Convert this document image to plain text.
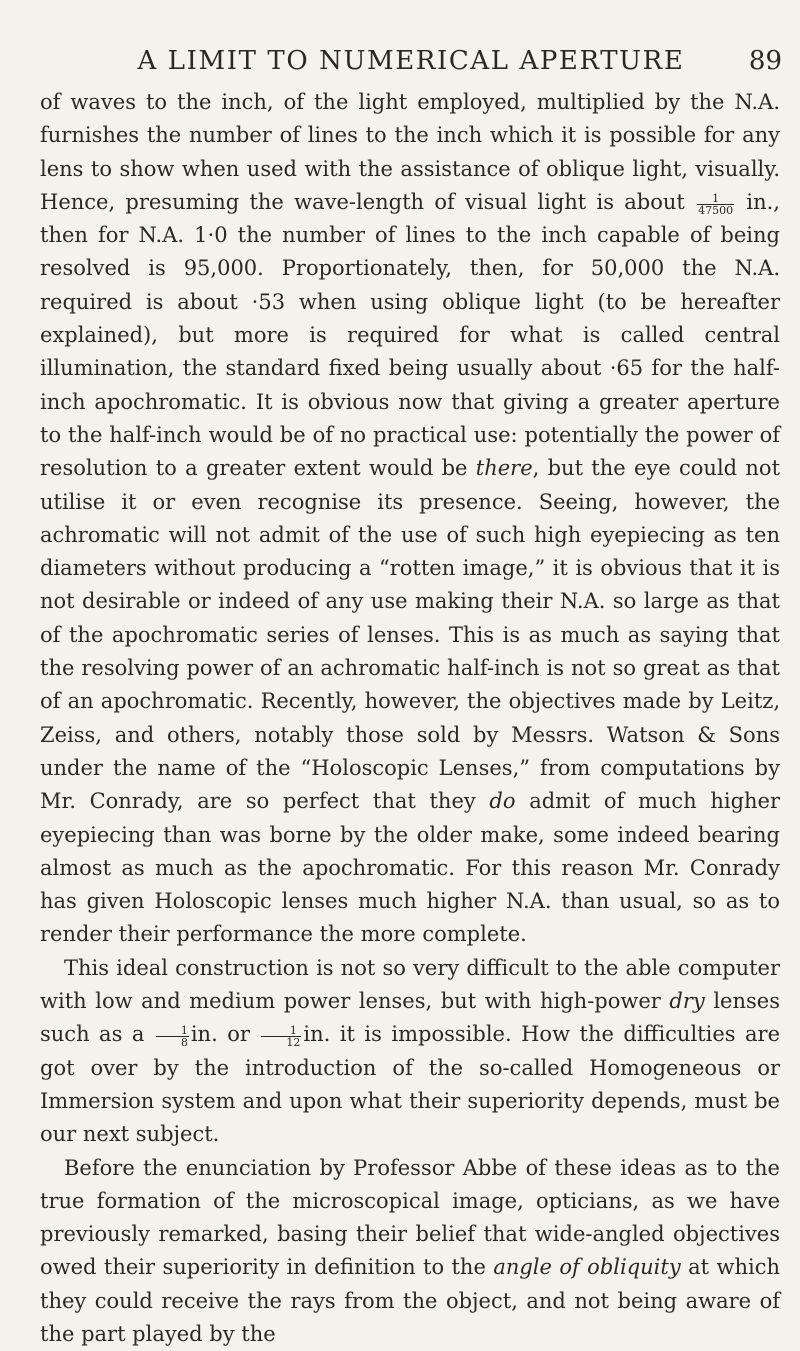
A LIMIT TO NUMERICAL APERTURE	89

of waves to the inch, of the light employed, multiplied by the N.A. furnishes the number of lines to the inch which it is possible for any lens to show when used with the assistance of oblique light, visually. Hence, presuming the wave-length of visual light is about $\frac{1}{47500}$ in., then for N.A. 1·0 the number of lines to the inch capable of being resolved is 95,000. Proportionately, then, for 50,000 the N.A. required is about ·53 when using oblique light (to be hereafter explained), but more is required for what is called central illumination, the standard fixed being usually about ·65 for the half-inch apochromatic. It is obvious now that giving a greater aperture to the half-inch would be of no practical use: potentially the power of resolution to a greater extent would be there, but the eye could not utilise it or even recognise its presence. Seeing, however, the achromatic will not admit of the use of such high eyepiecing as ten diameters without producing a “rotten image,” it is obvious that it is not desirable or indeed of any use making their N.A. so large as that of the apochromatic series of lenses. This is as much as saying that the resolving power of an achromatic half-inch is not so great as that of an apochromatic. Recently, however, the objectives made by Leitz, Zeiss, and others, notably those sold by Messrs. Watson & Sons under the name of the “Holoscopic Lenses,” from computations by Mr. Conrady, are so perfect that they do admit of much higher eyepiecing than was borne by the older make, some indeed bearing almost as much as the apochromatic. For this reason Mr. Conrady has given Holoscopic lenses much higher N.A. than usual, so as to render their performance the more complete.

This ideal construction is not so very difficult to the able computer with low and medium power lenses, but with high-power dry lenses such as a $\frac{1}{8}$ in. or $\frac{1}{12}$ in. it is impossible. How the difficulties are got over by the introduction of the so-called Homogeneous or Immersion system and upon what their superiority depends, must be our next subject.

Before the enunciation by Professor Abbe of these ideas as to the true formation of the microscopical image, opticians, as we have previously remarked, basing their belief that wide-angled objectives owed their superiority in definition to the angle of obliquity at which they could receive the rays from the object, and not being aware of the part played by the
